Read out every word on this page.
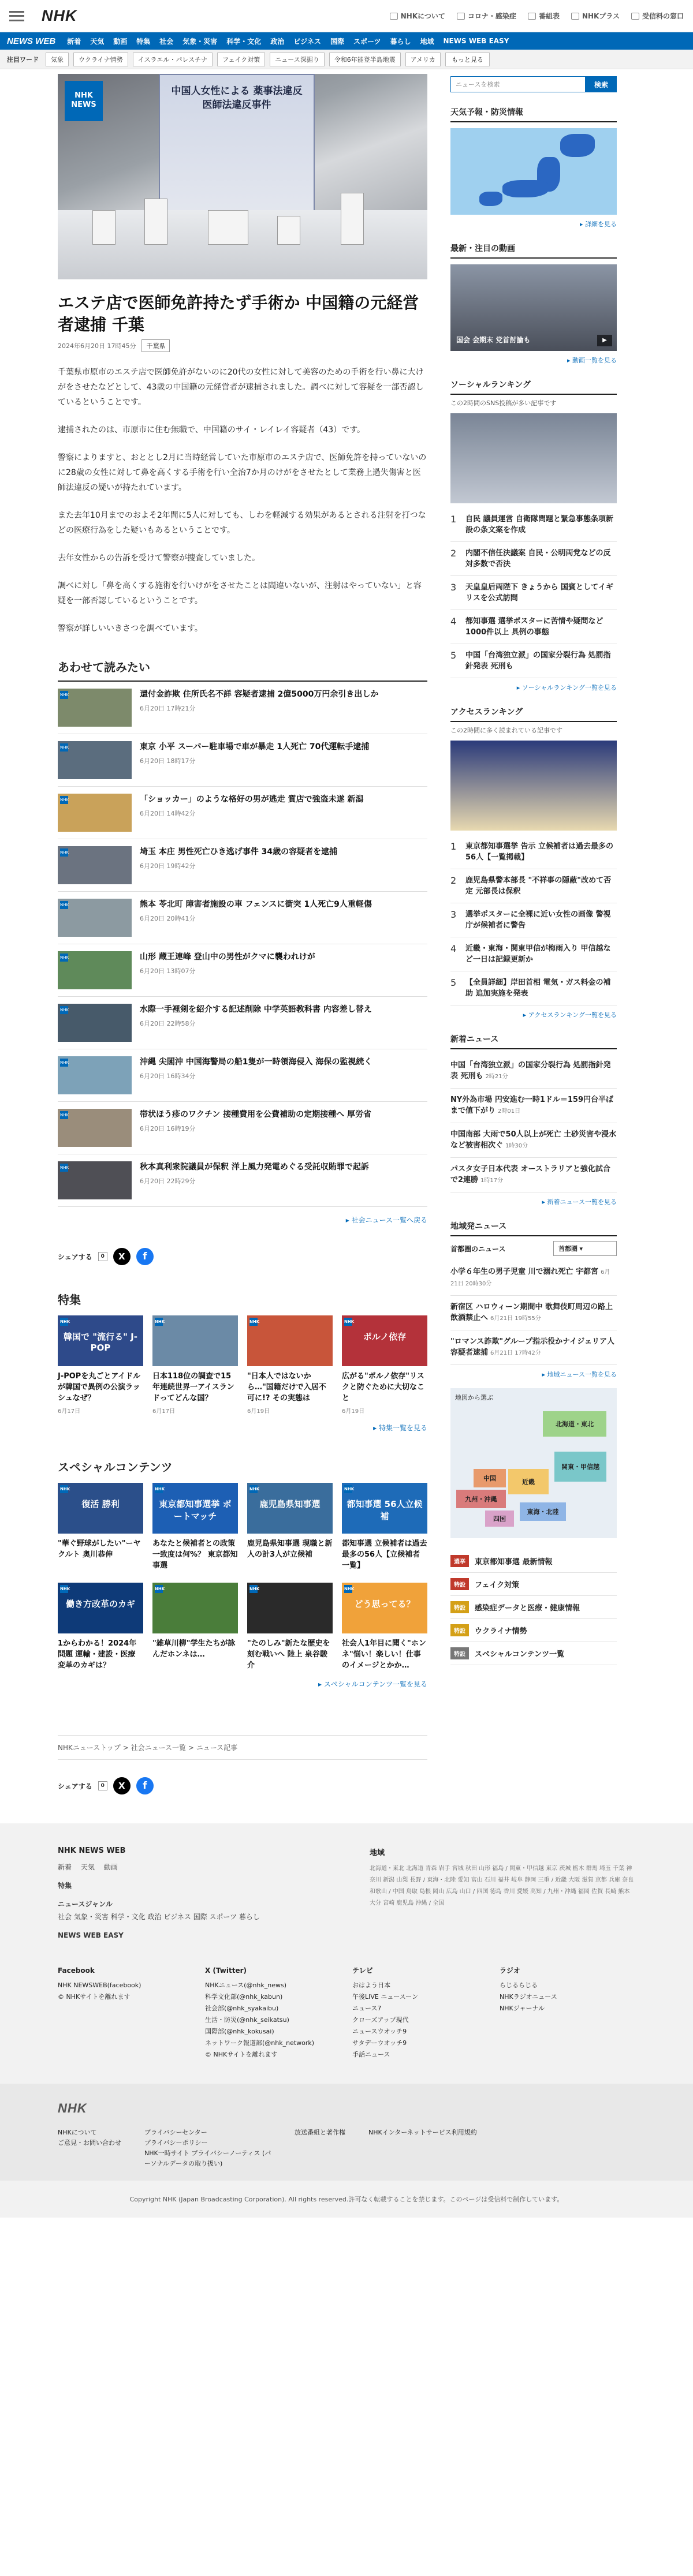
NHK	NHKについて	コロナ・感染症	番組表	NHKプラス	受信料の窓口
NEWS WEB 新着 天気 動画 特集 社会 気象・災害 科学・文化 政治 ビジネス 国際 スポーツ 暮らし 地域 NEWS WEB EASY
注目ワード	気象	ウクライナ情勢	イスラエル・パレスチナ	フェイク対策	ニュース深掘り	令和6年能登半島地震	アメリカ	もっと見る
中国人女性による 薬事法違反 医師法違反事件
NHK NEWS
エステ店で医師免許持たず手術か 中国籍の元経営者逮捕 千葉
2024年6月20日 17時45分	千葉県

千葉県市原市のエステ店で医師免許がないのに20代の女性に対して美容のための手術を行い鼻に大けがをさせたなどとして、43歳の中国籍の元経営者が逮捕されました。調べに対して容疑を一部否認しているということです。

逮捕されたのは、市原市に住む無職で、中国籍のサイ・レイレイ容疑者（43）です。

警察によりますと、おととし2月に当時経営していた市原市のエステ店で、医師免許を持っていないのに28歳の女性に対して鼻を高くする手術を行い全治7か月のけがをさせたとして業務上過失傷害と医師法違反の疑いが持たれています。

また去年10月までのおよそ2年間に5人に対しても、しわを軽減する効果があるとされる注射を打つなどの医療行為をした疑いもあるということです。

去年女性からの告訴を受けて警察が捜査していました。

調べに対し「鼻を高くする施術を行いけがをさせたことは間違いないが、注射はやっていない」と容疑を一部否認しているということです。

警察が詳しいいきさつを調べています。

あわせて読みたい
NHK	還付金詐欺 住所氏名不詳 容疑者逮捕 2億5000万円余引き出しか
6月20日 17時21分
NHK	東京 小平 スーパー駐車場で車が暴走 1人死亡 70代運転手逮捕
6月20日 18時17分
NHK	「ショッカー」のような格好の男が逃走 質店で強盗未遂 新潟
6月20日 14時42分
NHK	埼玉 本庄 男性死亡ひき逃げ事件 34歳の容疑者を逮捕
6月20日 19時42分
NHK	熊本 苓北町 障害者施設の車 フェンスに衝突 1人死亡9人重軽傷
6月20日 20時41分
NHK	山形 蔵王連峰 登山中の男性がクマに襲われけが
6月20日 13時07分
NHK	水際一手裡剣を紹介する記述削除 中学英語教科書 内容差し替え
6月20日 22時58分
NHK	沖縄 尖閣沖 中国海警局の船1隻が一時領海侵入 海保の監視続く
6月20日 16時34分
NHK	帯状ほう疹のワクチン 接種費用を公費補助の定期接種へ 厚労省
6月20日 16時19分
NHK	秋本真利衆院議員が保釈 洋上風力発電めぐる受託収賄罪で起訴
6月20日 22時29分
▸ 社会ニュース一覧へ戻る
シェアする	0	X	f
特集
韓国で "流行る" J-POP
NHK
J-POPを丸ごとアイドルが韓国で異例の公演ラッシュなぜ？
6月17日
NHK
日本118位の調査で15年連続世界一アイスランドってどんな国？
6月17日
NHK
"日本人ではないから…"国籍だけで入居不可に!? その実態は
6月19日
ポルノ依存
NHK
広がる"ポルノ依存"リスクと防ぐために大切なこと
6月19日
▸ 特集一覧を見る
スペシャルコンテンツ
復活 勝利
NHK
"華ぐ野球がしたい"ーヤクルト 奥川恭伸
東京都知事選挙 ボートマッチ
NHK
あなたと候補者との政策一致度は何%？ 東京都知事選
鹿児島県知事選
NHK
鹿児島県知事選 現職と新人の計3人が立候補
都知事選 56人立候補
NHK
都知事選 立候補者は過去最多の56人【立候補者一覧】
働き方改革のカギ
NHK
1からわかる！2024年問題 運輸・建設・医療 変革のカギは？
NHK
"雑草川柳"学生たちが詠んだホンネは…
NHK
"たのしみ"新たな歴史を刻む戦いへ 陸上 泉谷駿介
どう思ってる？
NHK
社会人1年目に聞く"ホンネ"悩い！楽しい！仕事のイメージとかか…
▸ スペシャルコンテンツ一覧を見る
NHKニューストップ > 社会ニュース一覧 > ニュース記事
シェアする	0	X	f
ニュースを検索
検索
天気予報・防災情報
▸ 詳細を見る
最新・注目の動画
国会 会期末 党首討論も	▶
▸ 動画一覧を見る
ソーシャルランキング
この2時間のSNS投稿が多い記事です
1 自民 議員運営 自衛隊問題と緊急事態条項新設の条文案を作成
2 内閣不信任決議案 自民・公明両党などの反対多数で否決
3 天皇皇后両陛下 きょうから 国賓としてイギリスを公式訪問
4 都知事選 選挙ポスターに苦情や疑問など1000件以上 具例の事態
5 中国「台湾独立派」の国家分裂行為 処罰指針発表 死刑も
▸ ソーシャルランキング一覧を見る
アクセスランキング
この2時間に多く読まれている記事です
1 東京都知事選挙 告示 立候補者は過去最多の56人【一覧掲載】
2 鹿児島県警本部長 "不祥事の隠蔽"改めて否定 元部長は保釈
3 選挙ポスターに全裸に近い女性の画像 警視庁が候補者に警告
4 近畿・東海・関東甲信が梅雨入り 甲信越など一日は記録更新か
5 【全員詳細】岸田首相 電気・ガス料金の補助 追加実施を発表
▸ アクセスランキング一覧を見る
新着ニュース
中国「台湾独立派」の国家分裂行為 処罰指針発表 死刑も 2時21分
NY外為市場 円安進む一時1ドル＝159円台半ばまで値下がり 2時01日
中国南部 大雨で50人以上が死亡 土砂災害や浸水など被害相次ぐ 1時30分
パスタ女子日本代表 オーストラリアと強化試合で2連勝 1時17分
▸ 新着ニュース一覧を見る
地域発ニュース
首都圏のニュース	首都圏 ▾
小学６年生の男子児童 川で溺れ死亡 宇都宮 6月21日 20時30分
新宿区 ハロウィーン期間中 歌舞伎町周辺の路上飲酒禁止へ 6月21日 19時55分
"ロマンス詐欺"グループ指示役かナイジェリア人容疑者逮捕 6月21日 17時42分
▸ 地域ニュース一覧を見る
地図から選ぶ
北海道・東北
関東・甲信越
近畿
中国
九州・沖縄
四国
東海・北陸
選挙	東京都知事選 最新情報
特設	フェイク対策
特設	感染症データと医療・健康情報
特設	ウクライナ情勢
特設	スペシャルコンテンツ一覧
NHK NEWS WEB
新着　 天気　 動画
特集
ニュースジャンル
社会 気象・災害 科学・文化 政治 ビジネス 国際 スポーツ 暮らし
NEWS WEB EASY
地域
北海道・東北 北海道 青森 岩手 宮城 秋田 山形 福島 / 関東・甲信越 東京 茨城 栃木 群馬 埼玉 千葉 神奈川 新潟 山梨 長野 / 東海・北陸 愛知 富山 石川 福井 岐阜 静岡 三重 / 近畿 大阪 滋賀 京都 兵庫 奈良 和歌山 / 中国 鳥取 島根 岡山 広島 山口 / 四国 徳島 香川 愛媛 高知 / 九州・沖縄 福岡 佐賀 長崎 熊本 大分 宮崎 鹿児島 沖縄 / 全国
Facebook
NHK NEWSWEB(facebook)
© NHKサイトを離れます
X (Twitter)
NHKニュース(@nhk_news)
科学文化部(@nhk_kabun)
社会部(@nhk_syakaibu)
生活・防災(@nhk_seikatsu)
国際部(@nhk_kokusai)
ネットワーク報道部(@nhk_network)
© NHKサイトを離れます
テレビ
おはよう日本
午後LIVE ニュースーン
ニュース7
クローズアップ現代
ニュースウオッチ9
サタデーウオッチ9
手話ニュース
ラジオ
らじるらじる
NHKラジオニュース
NHKジャーナル
NHK
NHKについて
ご意見・お問い合わせ
ブライバシーセンター
プライバシーポリシー
NHK一時サイト プライバシーノーティス (パーソナルデータの取り扱い)
放送番組と著作権	NHKインターネットサービス利用規約
Copyright NHK (Japan Broadcasting Corporation). All rights reserved.許可なく転載することを禁じます。このページは受信料で制作しています。
